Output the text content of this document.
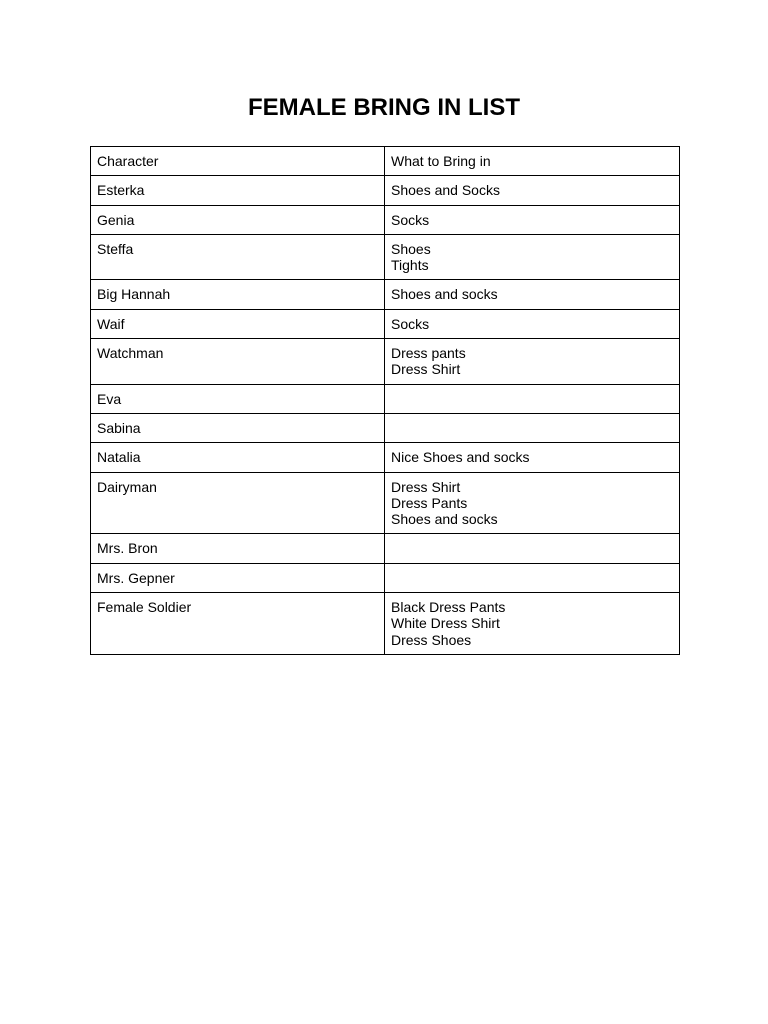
FEMALE BRING IN LIST
Character	What to Bring in

Esterka	Shoes and Socks

Genia	Socks

Steffa	Shoes
Tights

Big Hannah	Shoes and socks

Waif	Socks

Watchman	Dress pants
Dress Shirt

Eva	

Sabina	

Natalia	Nice Shoes and socks

Dairyman	Dress Shirt
Dress Pants
Shoes and socks

Mrs. Bron	

Mrs. Gepner	

Female Soldier	Black Dress Pants
White Dress Shirt
Dress Shoes
